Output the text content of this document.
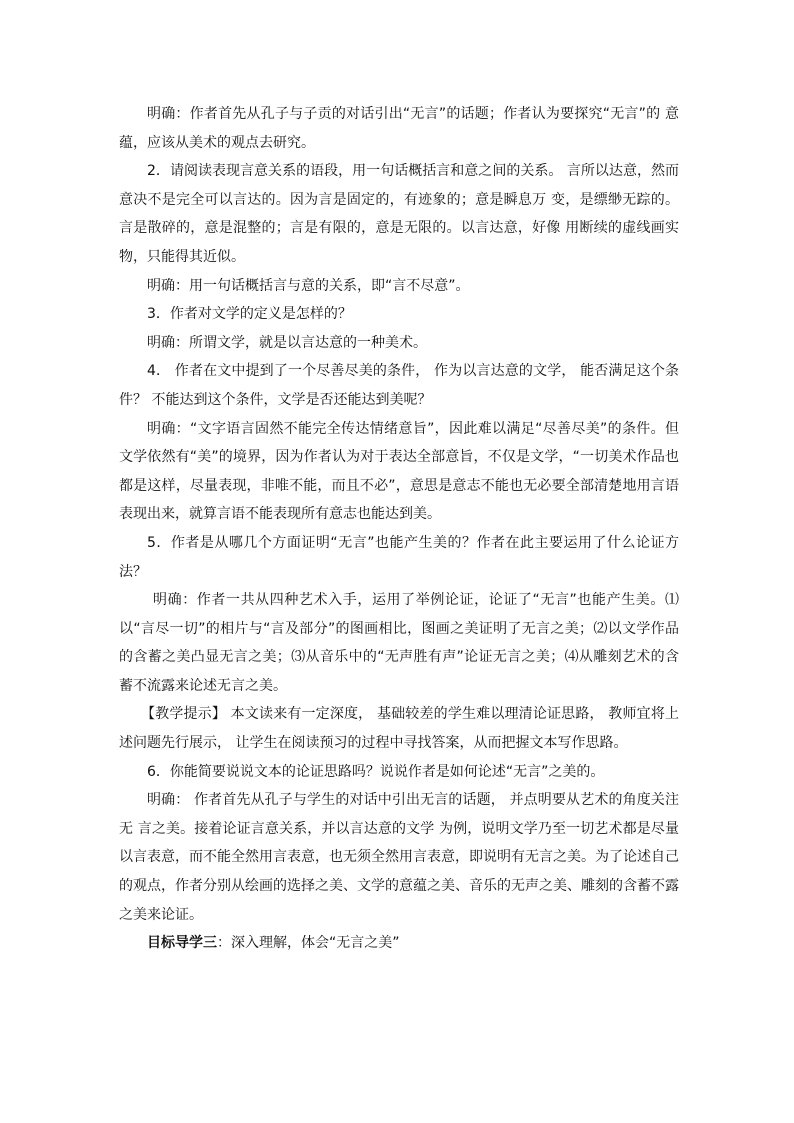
明确：作者首先从孔子与子贡的对话引出“无言”的话题；作者认为要探究“无言”的 意蕴，应该从美术的观点去研究。

2．请阅读表现言意关系的语段，用一句话概括言和意之间的关系。 言所以达意，然而意决不是完全可以言达的。因为言是固定的，有迹象的；意是瞬息万 变，是缥缈无踪的。言是散碎的，意是混整的；言是有限的，意是无限的。以言达意，好像 用断续的虚线画实物，只能得其近似。

明确：用一句话概括言与意的关系，即“言不尽意”。

3．作者对文学的定义是怎样的？

明确：所谓文学，就是以言达意的一种美术。

4． 作者在文中提到了一个尽善尽美的条件， 作为以言达意的文学， 能否满足这个条件？ 不能达到这个条件，文学是否还能达到美呢？

明确：“文字语言固然不能完全传达情绪意旨”，因此难以满足“尽善尽美”的条件。但文学依然有“美”的境界，因为作者认为对于表达全部意旨，不仅是文学，“一切美术作品也都是这样，尽量表现，非唯不能，而且不必”，意思是意志不能也无必要全部清楚地用言语表现出来，就算言语不能表现所有意志也能达到美。

5．作者是从哪几个方面证明“无言”也能产生美的？作者在此主要运用了什么论证方法？

明确：作者一共从四种艺术入手，运用了举例论证，论证了“无言”也能产生美。⑴以“言尽一切”的相片与“言及部分”的图画相比，图画之美证明了无言之美；⑵以文学作品的含蓄之美凸显无言之美；⑶从音乐中的“无声胜有声”论证无言之美；⑷从雕刻艺术的含蓄不流露来论述无言之美。

【教学提示】 本文读来有一定深度， 基础较差的学生难以理清论证思路， 教师宜将上述问题先行展示， 让学生在阅读预习的过程中寻找答案，从而把握文本写作思路。

6．你能简要说说文本的论证思路吗？说说作者是如何论述“无言”之美的。

明确： 作者首先从孔子与学生的对话中引出无言的话题， 并点明要从艺术的角度关注无 言之美。接着论证言意关系，并以言达意的文学 为例，说明文学乃至一切艺术都是尽量以言表意，而不能全然用言表意，也无须全然用言表意，即说明有无言之美。为了论述自己的观点，作者分别从绘画的选择之美、文学的意蕴之美、音乐的无声之美、雕刻的含蓄不露之美来论证。

目标导学三：深入理解，体会“无言之美”
